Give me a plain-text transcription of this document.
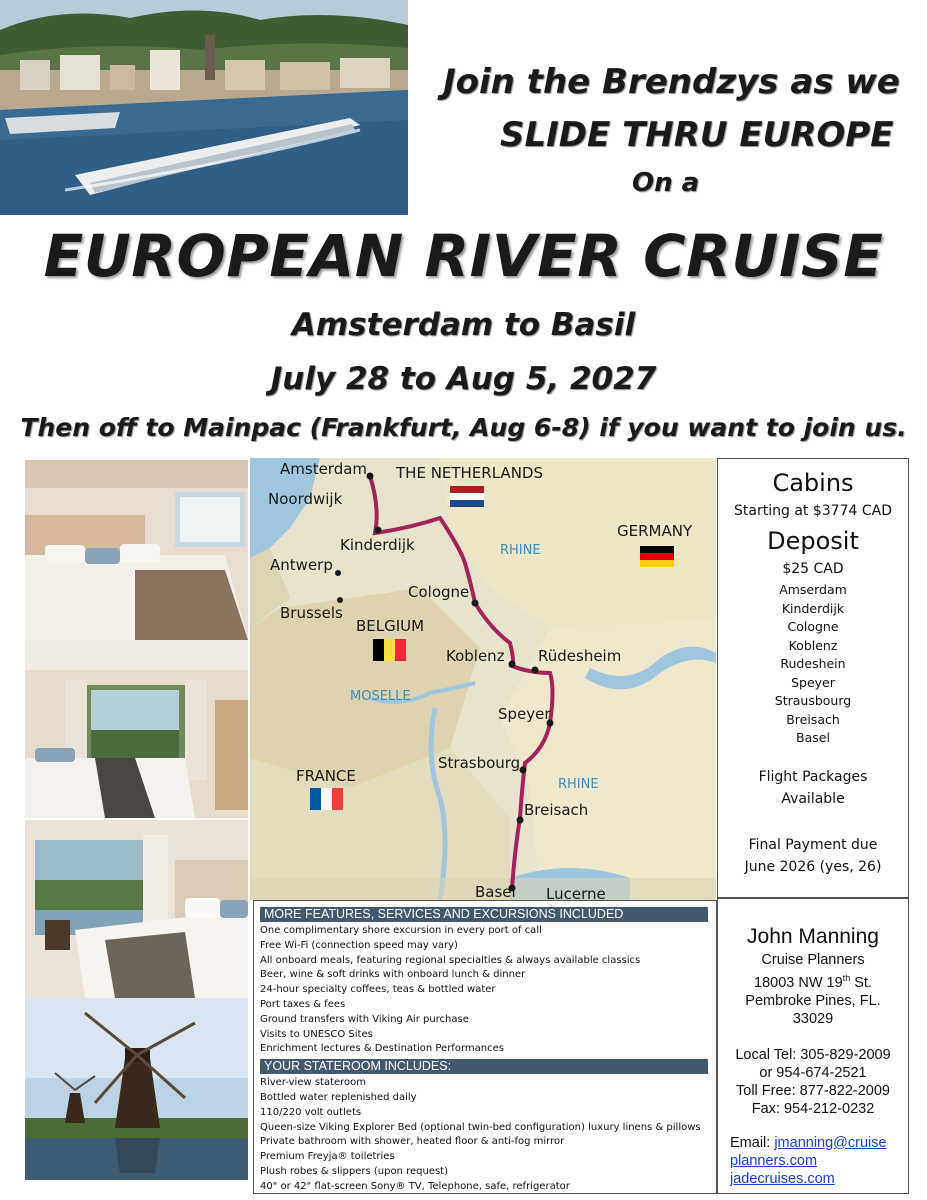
Join the Brendzys as we
SLIDE THRU EUROPE
On a
EUROPEAN RIVER CRUISE
Amsterdam to Basil
July 28 to Aug 5, 2027
Then off to Mainpac (Frankfurt, Aug 6-8) if you want to join us.
Amsterdam
Noordwijk
Kinderdijk
Antwerp
Brussels
Cologne
Koblenz Rüdesheim
Speyer
Strasbourg
Breisach
Basel Lucerne
THE NETHERLANDS
GERMANY
BELGIUM
FRANCE
RHINE
MOSELLE
RHINE
Cabins
Starting at $3774 CAD
Deposit
$25 CAD
Amserdam
Kinderdijk
Cologne
Koblenz
Rudeshein
Speyer
Strausbourg
Breisach
Basel
Flight Packages
Available
Final Payment due
June 2026 (yes, 26)
John Manning
Cruise Planners
18003 NW 19th St.
Pembroke Pines, FL.
33029
Local Tel: 305-829-2009
or 954-674-2521
Toll Free: 877-822-2009
Fax: 954-212-0232
Email: jmanning@cruise
planners.com
jadecruises.com
MORE FEATURES, SERVICES AND EXCURSIONS INCLUDED
One complimentary shore excursion in every port of call
Free Wi-Fi (connection speed may vary)
All onboard meals, featuring regional specialties & always available classics
Beer, wine & soft drinks with onboard lunch & dinner
24-hour specialty coffees, teas & bottled water
Port taxes & fees
Ground transfers with Viking Air purchase
Visits to UNESCO Sites
Enrichment lectures & Destination Performances
YOUR STATEROOM INCLUDES:
River-view stateroom
Bottled water replenished daily
110/220 volt outlets
Queen-size Viking Explorer Bed (optional twin-bed configuration) luxury linens & pillows
Private bathroom with shower, heated floor & anti-fog mirror
Premium Freyja® toiletries
Plush robes & slippers (upon request)
40" or 42" flat-screen Sony® TV, Telephone, safe, refrigerator
